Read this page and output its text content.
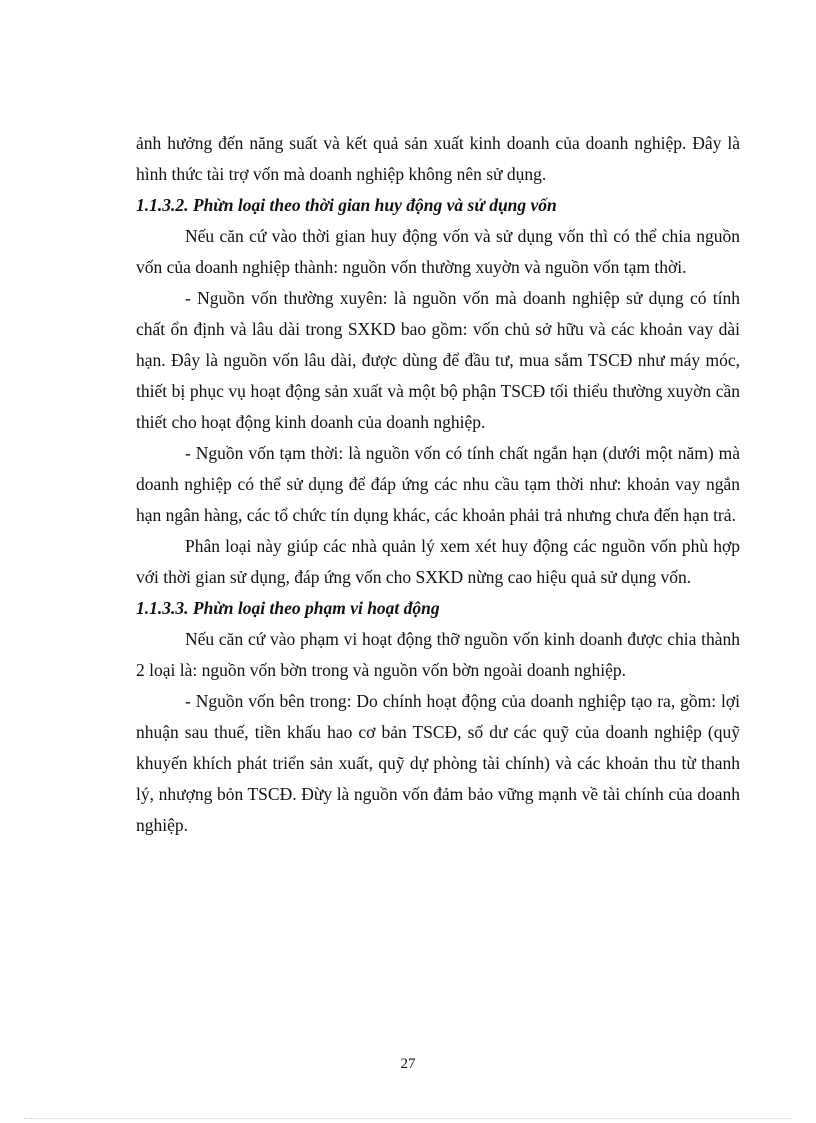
ảnh hưởng đến năng suất và kết quả sản xuất kinh doanh của doanh nghiệp. Đây là hình thức tài trợ vốn mà doanh nghiệp không nên sử dụng.

1.1.3.2. Phừn loại theo thời gian huy động và sử dụng vốn

Nếu căn cứ vào thời gian huy động vốn và sử dụng vốn thì có thể chia nguồn vốn của doanh nghiệp thành: nguồn vốn thường xuyờn và nguồn vốn tạm thời.

- Nguồn vốn thường xuyên: là nguồn vốn mà doanh nghiệp sử dụng có tính chất ổn định và lâu dài trong SXKD bao gồm: vốn chủ sở hữu và các khoản vay dài hạn. Đây là nguồn vốn lâu dài, được dùng để đầu tư, mua sắm TSCĐ như máy móc, thiết bị phục vụ hoạt động sản xuất và một bộ phận TSCĐ tối thiểu thường xuyờn cần thiết cho hoạt động kinh doanh của doanh nghiệp.

- Nguồn vốn tạm thời: là nguồn vốn có tính chất ngắn hạn (dưới một năm) mà doanh nghiệp có thể sử dụng để đáp ứng các nhu cầu tạm thời như: khoản vay ngắn hạn ngân hàng, các tổ chức tín dụng khác, các khoản phải trả nhưng chưa đến hạn trả.

Phân loại này giúp các nhà quản lý xem xét huy động các nguồn vốn phù hợp với thời gian sử dụng, đáp ứng vốn cho SXKD nừng cao hiệu quả sử dụng vốn.

1.1.3.3. Phừn loại theo phạm vi hoạt động

Nếu căn cứ vào phạm vi hoạt động thỡ nguồn vốn kinh doanh được chia thành 2 loại là: nguồn vốn bờn trong và nguồn vốn bờn ngoài doanh nghiệp.

- Nguồn vốn bên trong: Do chính hoạt động của doanh nghiệp tạo ra, gồm: lợi nhuận sau thuế, tiền khấu hao cơ bản TSCĐ, số dư các quỹ của doanh nghiệp (quỹ khuyến khích phát triển sản xuất, quỹ dự phòng tài chính) và các khoản thu từ thanh lý, nhượng bỏn TSCĐ. Đừy là nguồn vốn đảm bảo vững mạnh về tài chính của doanh nghiệp.

27
